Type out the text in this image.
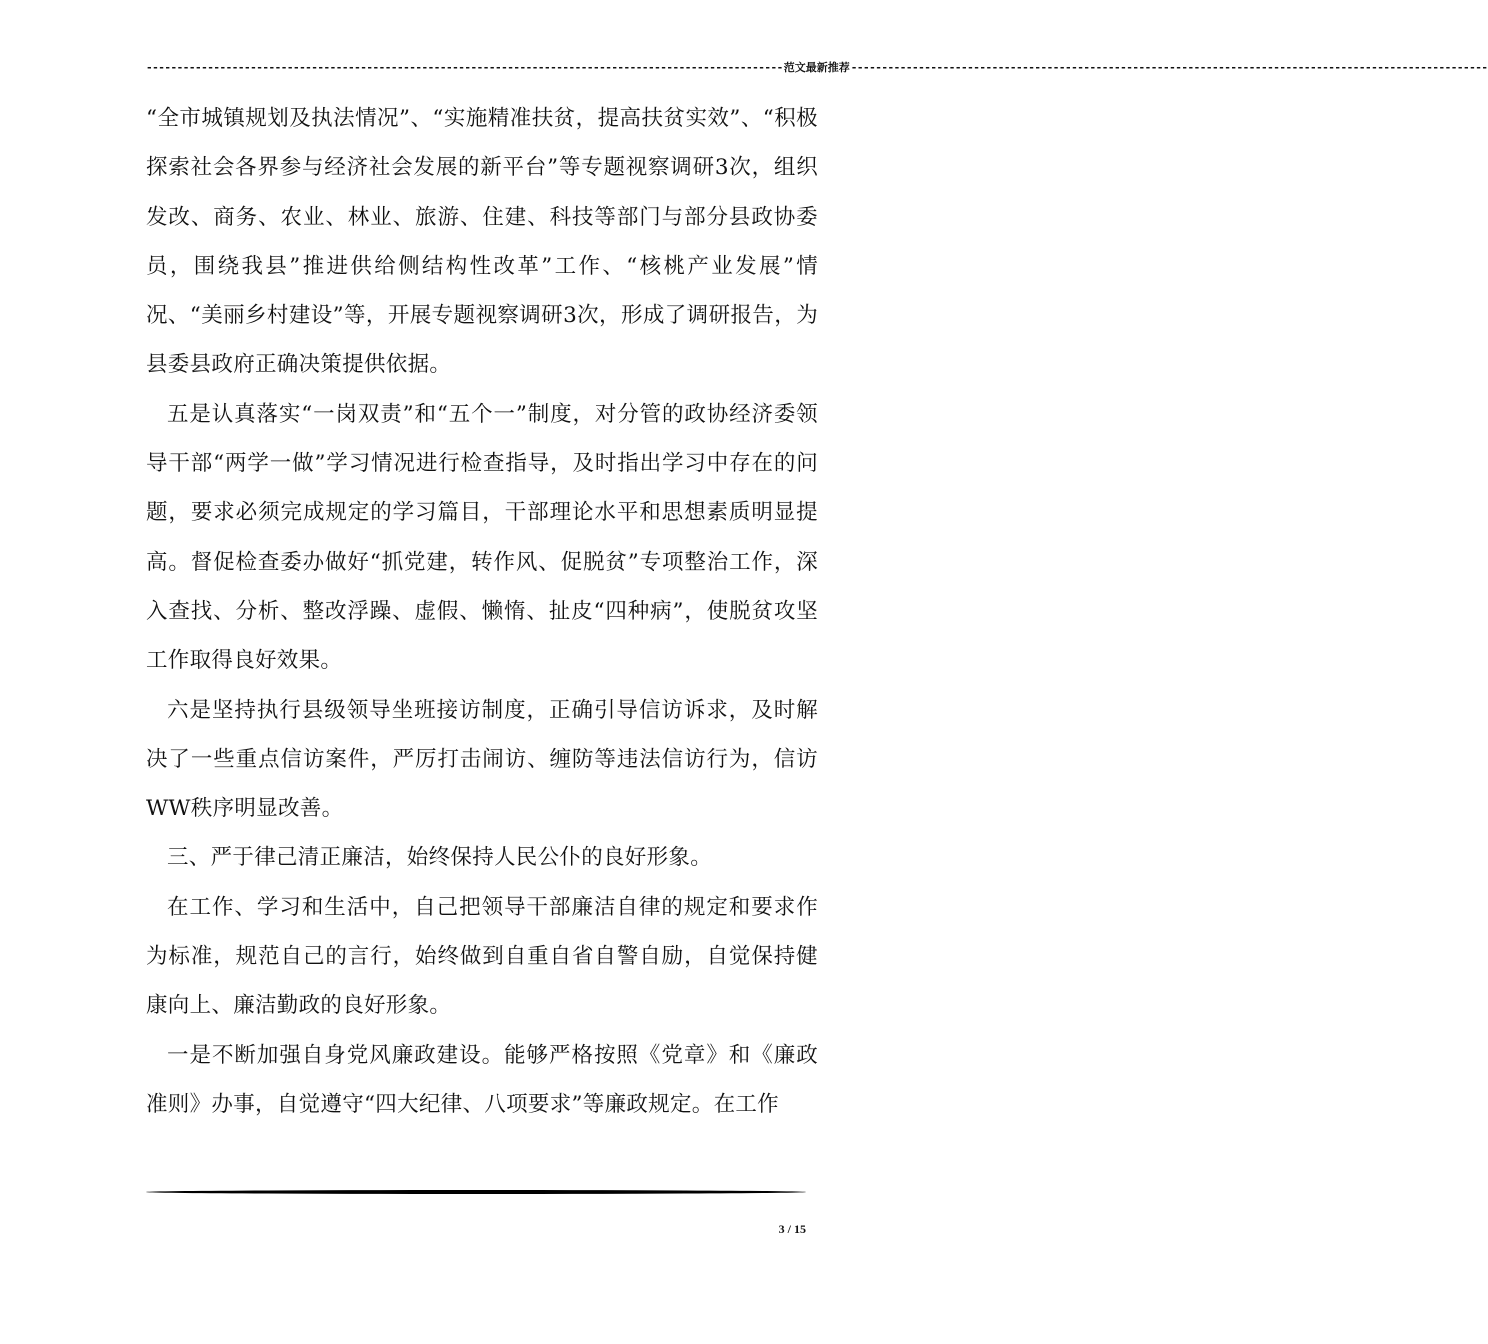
-------------------------------------------------------------------------------------------------------- 范文最新推荐 --------------------------------------------------------------------------------------------------------

“全市城镇规划及执法情况”、“实施精准扶贫，提高扶贫实效”、“积极探索社会各界参与经济社会发展的新平台”等专题视察调研3次，组织发改、商务、农业、林业、旅游、住建、科技等部门与部分县政协委员，围绕我县”推进供给侧结构性改革”工作、“核桃产业发展”情况、“美丽乡村建设”等，开展专题视察调研3次，形成了调研报告，为县委县政府正确决策提供依据。

五是认真落实“一岗双责”和“五个一”制度，对分管的政协经济委领导干部“两学一做”学习情况进行检查指导，及时指出学习中存在的问题，要求必须完成规定的学习篇目，干部理论水平和思想素质明显提高。督促检查委办做好“抓党建，转作风、促脱贫”专项整治工作，深入查找、分析、整改浮躁、虚假、懒惰、扯皮“四种病”，使脱贫攻坚工作取得良好效果。

六是坚持执行县级领导坐班接访制度，正确引导信访诉求，及时解决了一些重点信访案件，严厉打击闹访、缠防等违法信访行为，信访WW秩序明显改善。

三、严于律己清正廉洁，始终保持人民公仆的良好形象。

在工作、学习和生活中，自己把领导干部廉洁自律的规定和要求作为标准，规范自己的言行，始终做到自重自省自警自励，自觉保持健康向上、廉洁勤政的良好形象。

一是不断加强自身党风廉政建设。能够严格按照《党章》和《廉政准则》办事，自觉遵守“四大纪律、八项要求”等廉政规定。在工作

3 / 15
